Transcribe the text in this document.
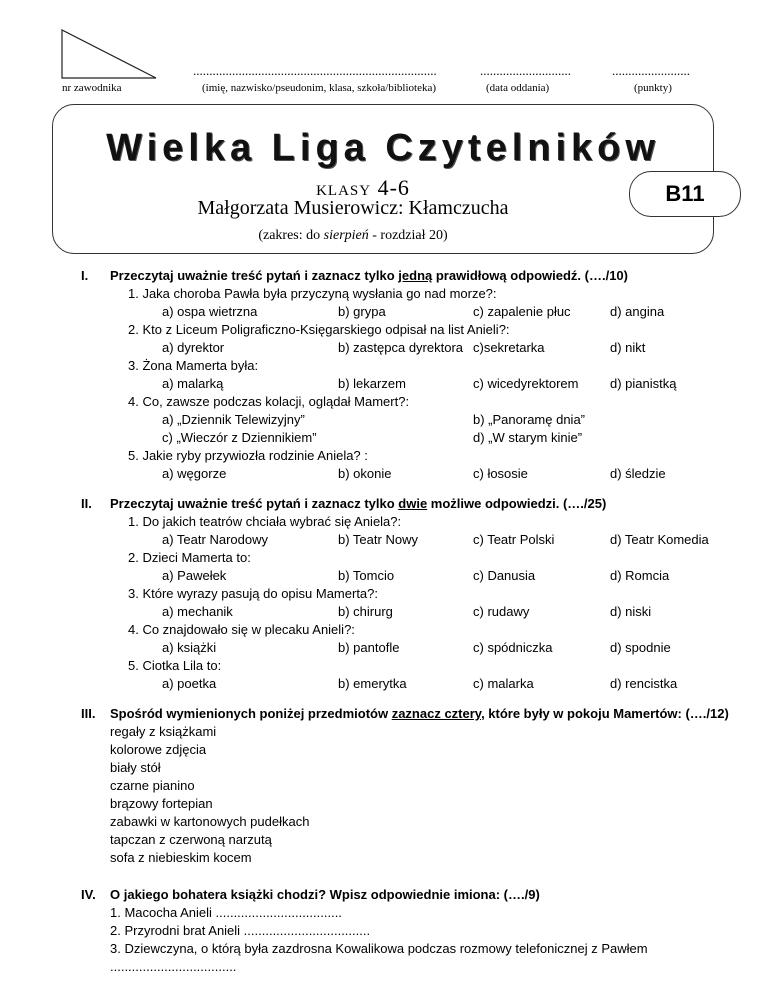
nr zawodnika
...........................................................................
(imię, nazwisko/pseudonim, klasa, szkoła/biblioteka)
............................
(data oddania)
........................
(punkty)
Wielka Liga Czytelników
klasy 4-6
Małgorzata Musierowicz: Kłamczucha
(zakres: do sierpień - rozdział 20)
B11
I. Przeczytaj uważnie treść pytań i zaznacz tylko jedną prawidłową odpowiedź. (…./10)
1. Jaka choroba Pawła była przyczyną wysłania go nad morze?:
a) ospa wietrzna	b) grypa	c) zapalenie płuc	d) angina
2. Kto z Liceum Poligraficzno-Księgarskiego odpisał na list Anieli?:
a) dyrektor	b) zastępca dyrektora c)sekretarka	d) nikt
3. Żona Mamerta była:
a) malarką	b) lekarzem	c) wicedyrektorem d) pianistką
4. Co, zawsze podczas kolacji, oglądał Mamert?:
a) „Dziennik Telewizyjny”	b) „Panoramę dnia”
c) „Wieczór z Dziennikiem”	d) „W starym kinie”
5. Jakie ryby przywiozła rodzinie Aniela? :
a) węgorze	b) okonie	c) łososie	d) śledzie
II. Przeczytaj uważnie treść pytań i zaznacz tylko dwie możliwe odpowiedzi. (…./25)
1. Do jakich teatrów chciała wybrać się Aniela?:
a) Teatr Narodowy	b) Teatr Nowy	c) Teatr Polski	d) Teatr Komedia
2. Dzieci Mamerta to:
a) Pawełek	b) Tomcio	c) Danusia	d) Romcia
3. Które wyrazy pasują do opisu Mamerta?:
a) mechanik	b) chirurg	c) rudawy	d) niski
4. Co znajdowało się w plecaku Anieli?:
a) książki	b) pantofle	c) spódniczka	d) spodnie
5. Ciotka Lila to:
a) poetka	b) emerytka	c) malarka	d) rencistka
III. Spośród wymienionych poniżej przedmiotów zaznacz cztery, które były w pokoju Mamertów: (…./12)
regały z książkami
kolorowe zdjęcia
biały stół
czarne pianino
brązowy fortepian
zabawki w kartonowych pudełkach
tapczan z czerwoną narzutą
sofa z niebieskim kocem
IV. O jakiego bohatera książki chodzi? Wpisz odpowiednie imiona: (…./9)
1. Macocha Anieli ...................................
2. Przyrodni brat Anieli ...................................
3. Dziewczyna, o którą była zazdrosna Kowalikowa podczas rozmowy telefonicznej z Pawłem
...................................
